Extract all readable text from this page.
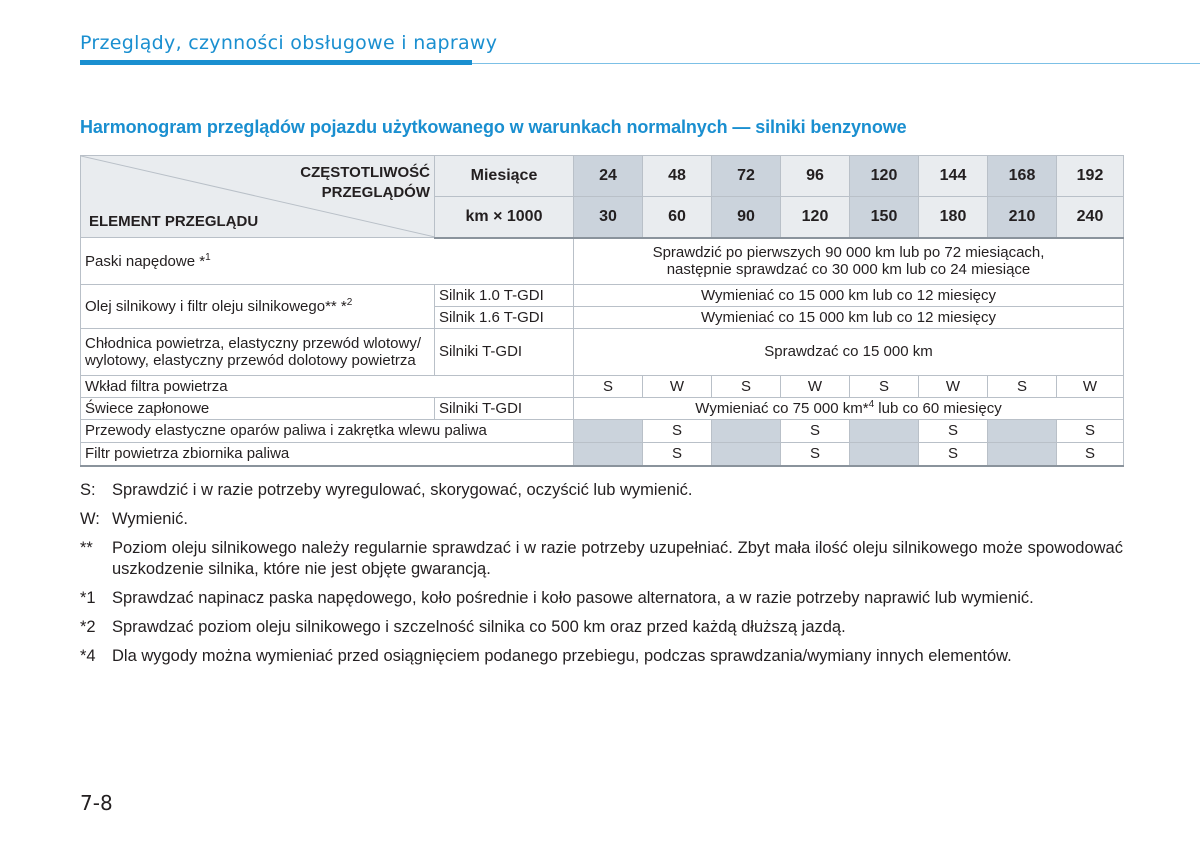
Przeglądy, czynności obsługowe i naprawy
Harmonogram przeglądów pojazdu użytkowanego w warunkach normalnych — silniki benzynowe
CZĘSTOTLIWOŚĆ
PRZEGLĄDÓW
ELEMENT PRZEGLĄDU	Miesiące	24	48	72	96	120	144	168	192
	km × 1000	30	60	90	120	150	180	210	240
Paski napędowe *$^1$		Sprawdzić po pierwszych 90 000 km lub po 72 miesiącach,
następnie sprawdzać co 30 000 km lub co 24 miesiące							

Olej silnikowy i filtr oleju silnikowego** *$^2$	Silnik 1.0 T-GDI	Wymieniać co 15 000 km lub co 12 miesięcy							
	Silnik 1.6 T-GDI	Wymieniać co 15 000 km lub co 12 miesięcy							

Chłodnica powietrza, elastyczny przewód wlotowy/
wylotowy, elastyczny przewód dolotowy powietrza	Silniki T-GDI	Sprawdzać co 15 000 km							
Wkład filtra powietrza		S	W	S	W	S	W	S	W
Świece zapłonowe	Silniki T-GDI	Wymieniać co 75 000 km*$^4$ lub co 60 miesięcy							
Przewody elastyczne oparów paliwa i zakrętka wlewu paliwa			S		S		S		S
Filtr powietrza zbiornika paliwa			S		S		S		S
S: Sprawdzić i w razie potrzeby wyregulować, skorygować, oczyścić lub wymienić.
W: Wymienić.
**	Poziom oleju silnikowego należy regularnie sprawdzać i w razie potrzeby uzupełniać. Zbyt mała ilość oleju silnikowego może spowodować uszkodzenie silnika, które nie jest objęte gwarancją.
*1 Sprawdzać napinacz paska napędowego, koło pośrednie i koło pasowe alternatora, a w razie potrzeby naprawić lub wymienić.
*2 Sprawdzać poziom oleju silnikowego i szczelność silnika co 500 km oraz przed każdą dłuższą jazdą.
*4 Dla wygody można wymieniać przed osiągnięciem podanego przebiegu, podczas sprawdzania/wymiany innych elementów.
7-8
